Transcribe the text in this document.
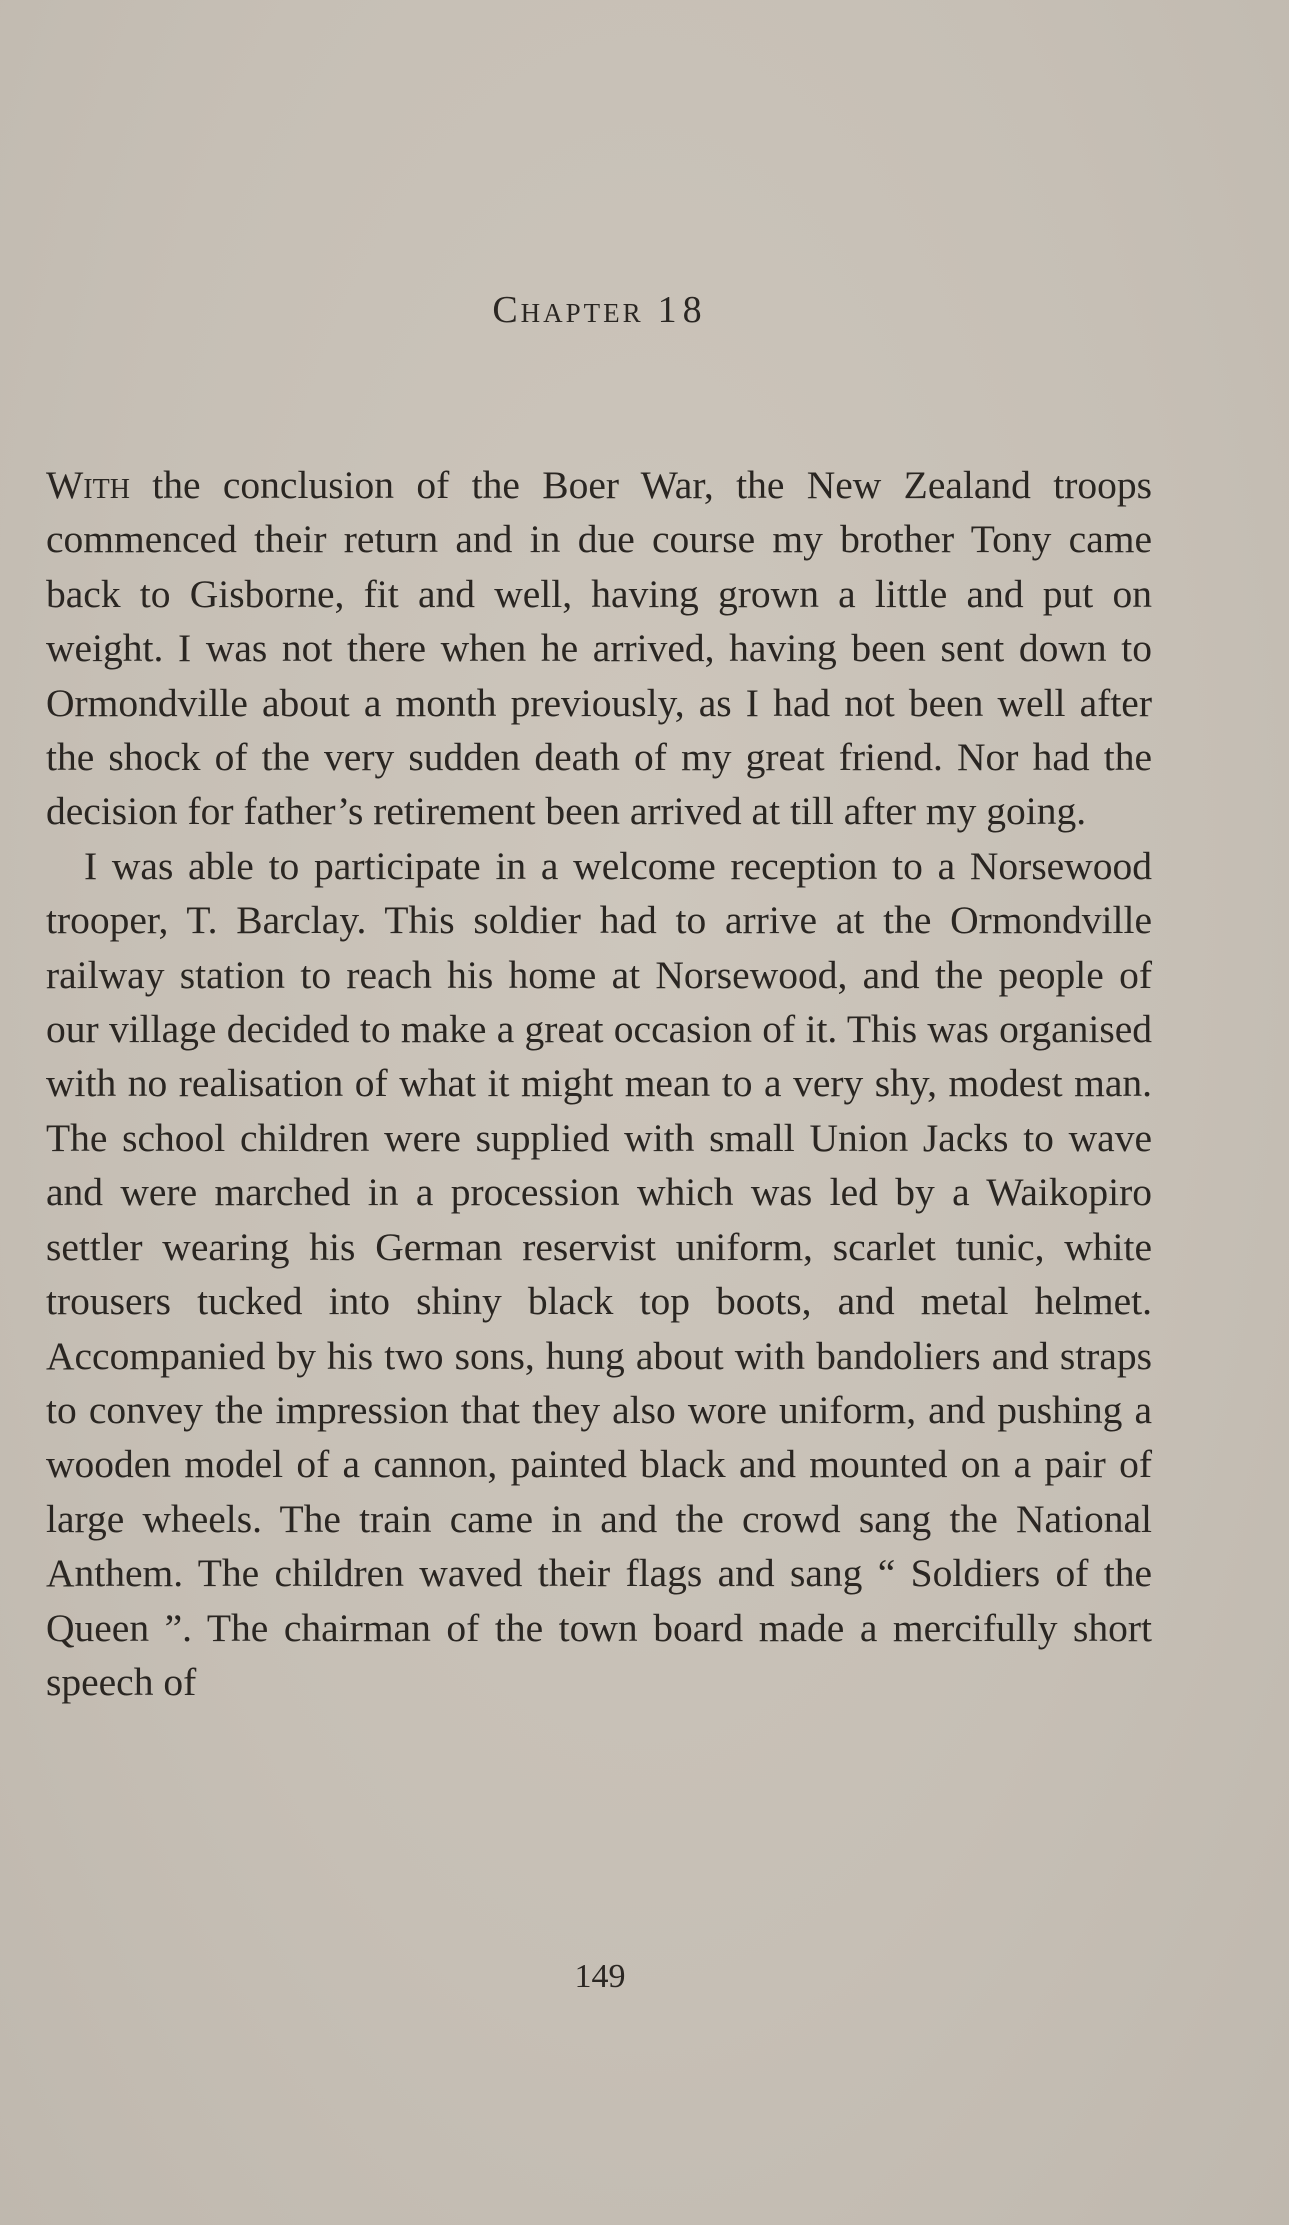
Chapter 18

With the conclusion of the Boer War, the New Zealand troops commenced their return and in due course my brother Tony came back to Gisborne, fit and well, having grown a little and put on weight. I was not there when he arrived, having been sent down to Ormondville about a month previously, as I had not been well after the shock of the very sudden death of my great friend. Nor had the decision for father’s retirement been arrived at till after my going.

I was able to participate in a welcome reception to a Norsewood trooper, T. Barclay. This soldier had to arrive at the Ormondville railway station to reach his home at Norsewood, and the people of our village decided to make a great occasion of it. This was organised with no realisation of what it might mean to a very shy, modest man. The school children were supplied with small Union Jacks to wave and were marched in a procession which was led by a Waikopiro settler wearing his German reservist uniform, scarlet tunic, white trousers tucked into shiny black top boots, and metal helmet. Accompanied by his two sons, hung about with bandoliers and straps to convey the impression that they also wore uniform, and pushing a wooden model of a cannon, painted black and mounted on a pair of large wheels. The train came in and the crowd sang the National Anthem. The children waved their flags and sang “ Soldiers of the Queen ”. The chairman of the town board made a mercifully short speech of

149
